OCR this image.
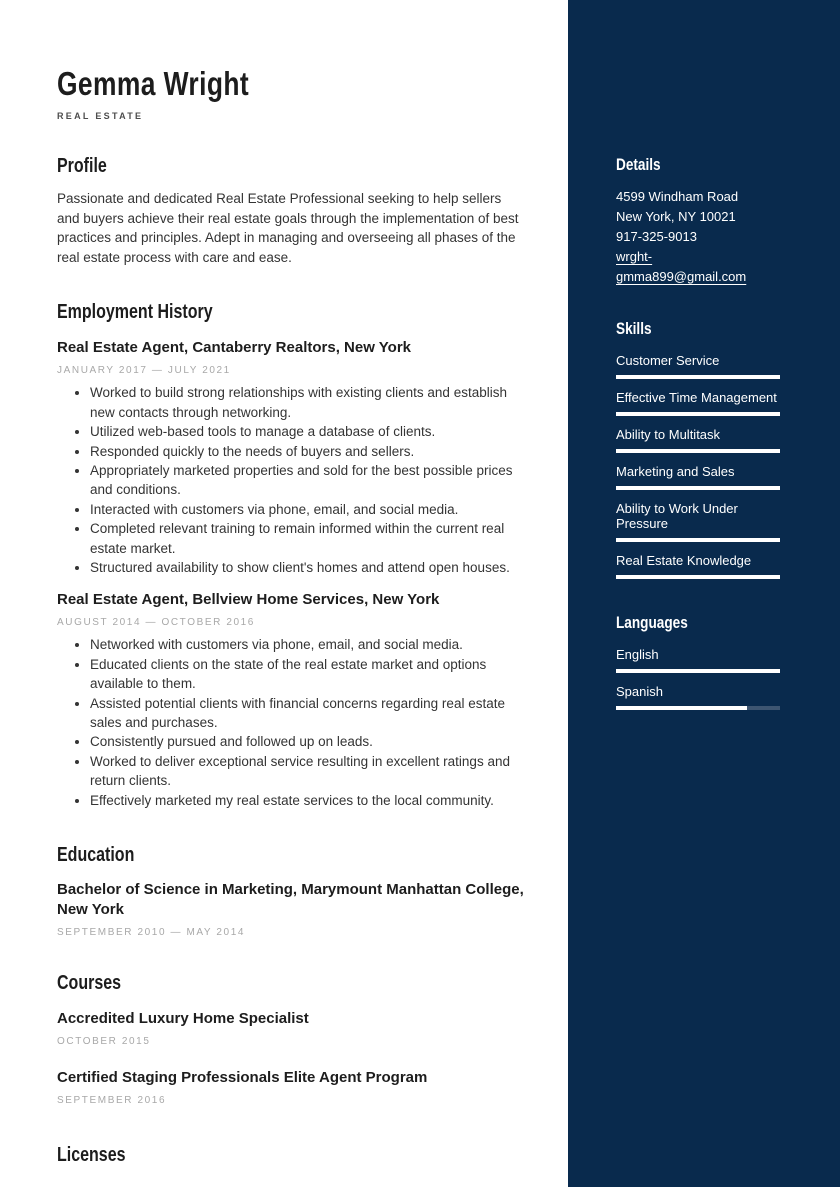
Gemma Wright
REAL ESTATE
Profile

Passionate and dedicated Real Estate Professional seeking to help sellers and buyers achieve their real estate goals through the implementation of best practices and principles. Adept in managing and overseeing all phases of the real estate process with care and ease.

Employment History
Real Estate Agent, Cantaberry Realtors, New York
JANUARY 2017 — JULY 2021
• Worked to build strong relationships with existing clients and establish new contacts through networking.
• Utilized web-based tools to manage a database of clients.
• Responded quickly to the needs of buyers and sellers.
• Appropriately marketed properties and sold for the best possible prices and conditions.
• Interacted with customers via phone, email, and social media.
• Completed relevant training to remain informed within the current real estate market.
• Structured availability to show client's homes and attend open houses.
Real Estate Agent, Bellview Home Services, New York
AUGUST 2014 — OCTOBER 2016
• Networked with customers via phone, email, and social media.
• Educated clients on the state of the real estate market and options available to them.
• Assisted potential clients with financial concerns regarding real estate sales and purchases.
• Consistently pursued and followed up on leads.
• Worked to deliver exceptional service resulting in excellent ratings and return clients.
• Effectively marketed my real estate services to the local community.
Education
Bachelor of Science in Marketing, Marymount Manhattan College, New York
SEPTEMBER 2010 — MAY 2014
Courses
Accredited Luxury Home Specialist
OCTOBER 2015
Certified Staging Professionals Elite Agent Program
SEPTEMBER 2016
Licenses
Details
4599 Windham Road
New York, NY 10021
917-325-9013
wrght-gmma899@gmail.com
Skills
Customer Service
Effective Time Management
Ability to Multitask
Marketing and Sales
Ability to Work Under Pressure
Real Estate Knowledge
Languages
English
Spanish
